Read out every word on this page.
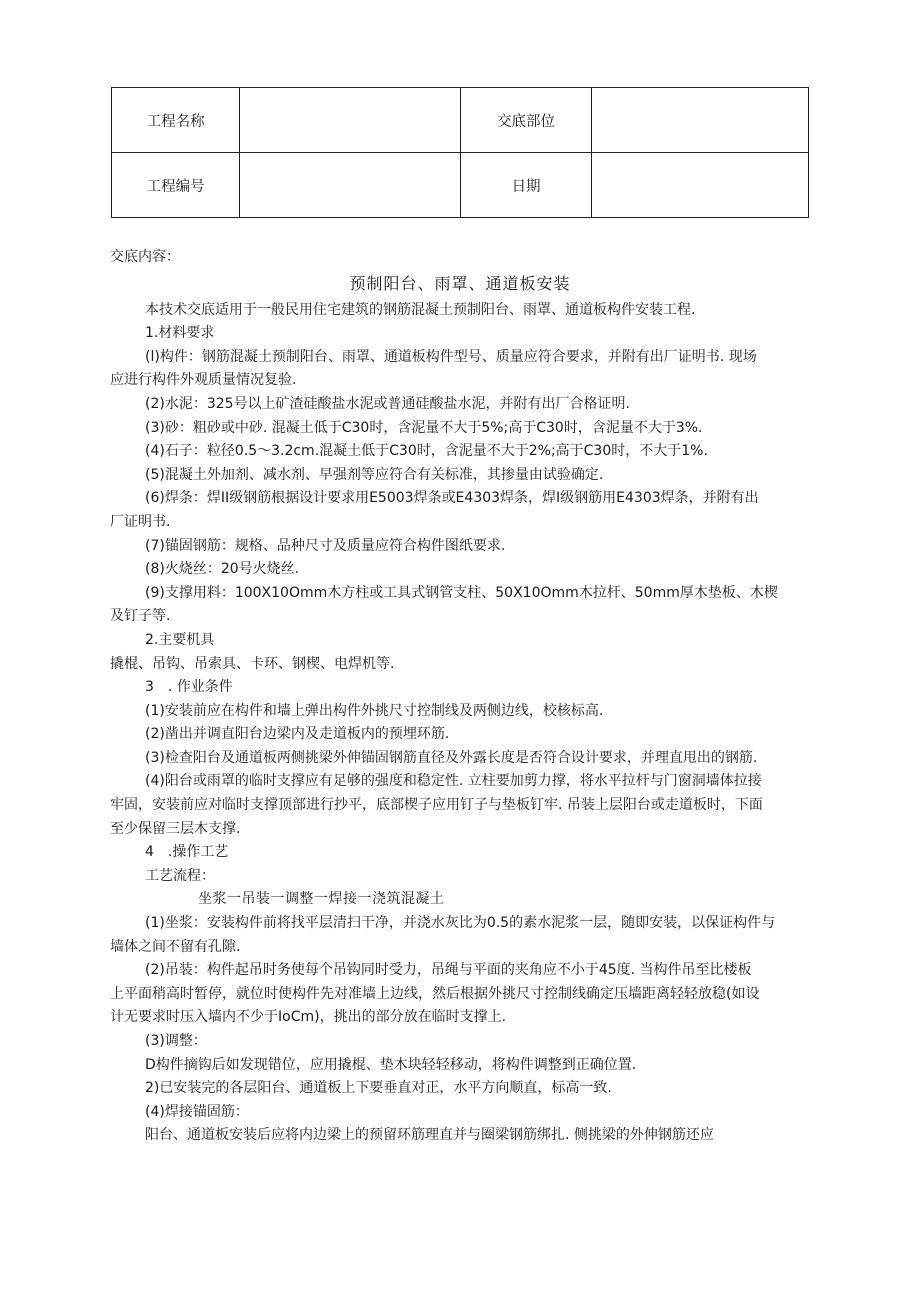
工程名称		交底部位	
工程编号		日期	

交底内容：

预制阳台、雨罩、通道板安装

本技术交底适用于一般民用住宅建筑的钢筋混凝土预制阳台、雨罩、通道板构件安装工程.

1.材料要求

(l)构件：钢筋混凝土预制阳台、雨罩、通道板构件型号、质量应符合要求，并附有出厂证明书. 现场

应进行构件外观质量情况复验.

(2)水泥：325号以上矿渣硅酸盐水泥或普通硅酸盐水泥，并附有出厂合格证明.

(3)砂：粗砂或中砂. 混凝土低于C30时，含泥量不大于5%;高于C30时，含泥量不大于3%.

(4)石子：粒径0.5～3.2cm.混凝土低于C30时，含泥量不大于2%;高于C30时，不大于1%.

(5)混凝土外加剂、减水剂、早强剂等应符合有关标准，其掺量由试验确定.

(6)焊条：焊II级钢筋根据设计要求用E5003焊条或E4303焊条，焊I级钢筋用E4303焊条，并附有出

厂证明书.

(7)锚固钢筋：规格、品种尺寸及质量应符合构件图纸要求.

(8)火烧丝：20号火烧丝.

(9)支撑用料：100X10Omm木方柱或工具式钢管支柱、50X10Omm木拉杆、50mm厚木垫板、木楔

及钉子等.

2.主要机具

撬棍、吊钩、吊索具、卡环、钢楔、电焊机等.

3　. 作业条件

(1)安装前应在构件和墙上弹出构件外挑尺寸控制线及两侧边线，校核标高.

(2)凿出并调直阳台边梁内及走道板内的预埋环筋.

(3)检查阳台及通道板两侧挑梁外伸锚固钢筋直径及外露长度是否符合设计要求，并理直甩出的钢筋.

(4)阳台或雨罩的临时支撑应有足够的强度和稳定性. 立柱要加剪力撑，将水平拉杆与门窗洞墙体拉接

牢固，安装前应对临时支撑顶部进行抄平，底部楔子应用钉子与垫板钉牢. 吊装上层阳台或走道板时，下面

至少保留三层木支撑.

4　.操作工艺

工艺流程：

坐浆一吊装一调整一焊接一浇筑混凝土

(1)坐浆：安装构件前将找平层清扫干净，并浇水灰比为0.5的素水泥浆一层，随即安装，以保证构件与

墙体之间不留有孔隙.

(2)吊装：构件起吊时务使每个吊钩同时受力，吊绳与平面的夹角应不小于45度. 当构件吊至比楼板

上平面稍高时暂停，就位时使构件先对准墙上边线，然后根据外挑尺寸控制线确定压墙距离轻轻放稳(如设

计无要求时压入墙内不少于IoCm)，挑出的部分放在临时支撑上.

(3)调整：

D构件摘钩后如发现错位，应用撬棍、垫木块轻轻移动，将构件调整到正确位置.

2)已安装完的各层阳台、通道板上下要垂直对正，水平方向顺直，标高一致.

(4)焊接锚固筋：

阳台、通道板安装后应将内边梁上的预留环筋理直并与圈梁钢筋绑扎. 侧挑梁的外伸钢筋还应
